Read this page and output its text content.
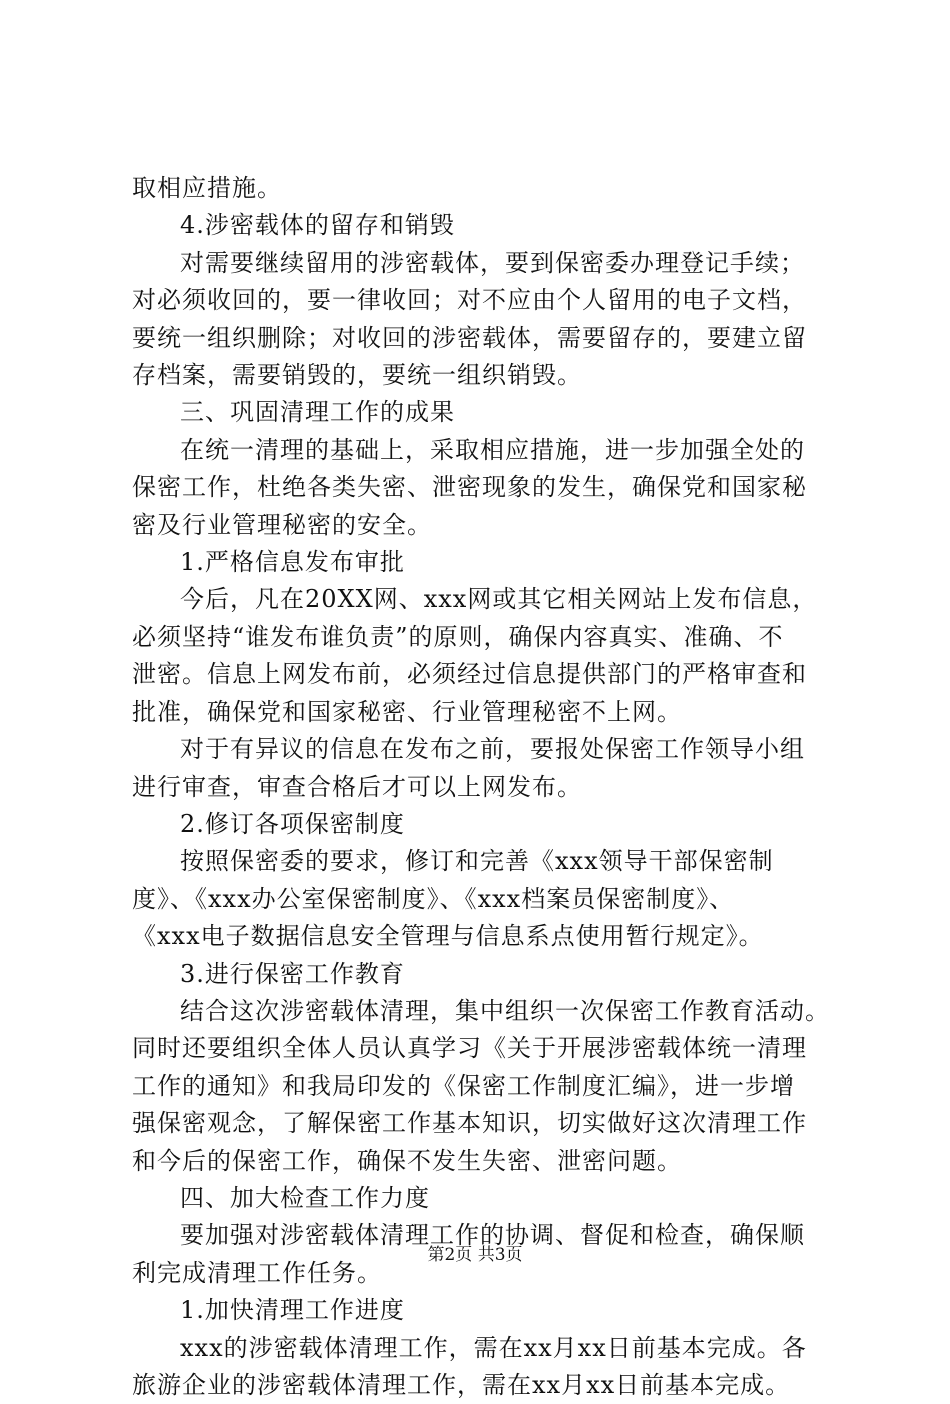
取相应措施。
4.涉密载体的留存和销毁
对需要继续留用的涉密载体，要到保密委办理登记手续；
对必须收回的，要一律收回；对不应由个人留用的电子文档，
要统一组织删除；对收回的涉密载体，需要留存的，要建立留
存档案，需要销毁的，要统一组织销毁。
三、巩固清理工作的成果
在统一清理的基础上，采取相应措施，进一步加强全处的
保密工作，杜绝各类失密、泄密现象的发生，确保党和国家秘
密及行业管理秘密的安全。
1.严格信息发布审批
今后，凡在20XX网、xxx网或其它相关网站上发布信息，
必须坚持“谁发布谁负责”的原则，确保内容真实、准确、不
泄密。信息上网发布前，必须经过信息提供部门的严格审查和
批准，确保党和国家秘密、行业管理秘密不上网。
对于有异议的信息在发布之前，要报处保密工作领导小组
进行审查，审查合格后才可以上网发布。
2.修订各项保密制度
按照保密委的要求，修订和完善《xxx领导干部保密制
度》、《xxx办公室保密制度》、《xxx档案员保密制度》、
《xxx电子数据信息安全管理与信息系点使用暂行规定》。
3.进行保密工作教育
结合这次涉密载体清理，集中组织一次保密工作教育活动。
同时还要组织全体人员认真学习《关于开展涉密载体统一清理
工作的通知》和我局印发的《保密工作制度汇编》，进一步增
强保密观念，了解保密工作基本知识，切实做好这次清理工作
和今后的保密工作，确保不发生失密、泄密问题。
四、加大检查工作力度
要加强对涉密载体清理工作的协调、督促和检查，确保顺
利完成清理工作任务。
1.加快清理工作进度
xxx的涉密载体清理工作，需在xx月xx日前基本完成。各
旅游企业的涉密载体清理工作，需在xx月xx日前基本完成。
第2页 共3页
